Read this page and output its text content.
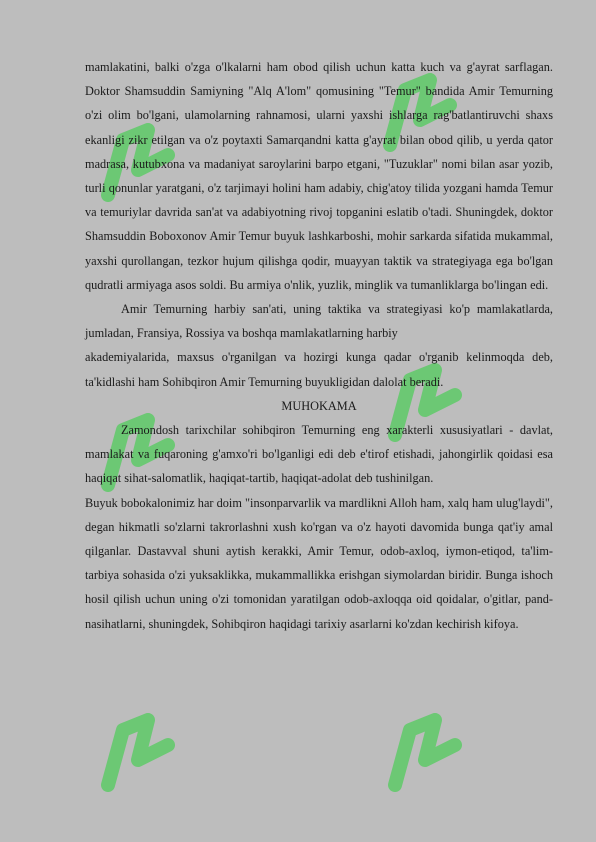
mamlakatini, balki o'zga o'lkalarni ham obod qilish uchun katta kuch va g'ayrat sarflagan. Doktor Shamsuddin Samiyning "Alq A'lom" qomusining "Temur" bandida Amir Temurning o'zi olim bo'lgani, ulamolarning rahnamosi, ularni yaxshi ishlarga rag'batlantiruvchi shaxs ekanligi zikr etilgan va o'z poytaxti Samarqandni katta g'ayrat bilan obod qilib, u yerda qator madrasa, kutubxona va madaniyat saroylarini barpo etgani, "Tuzuklar" nomi bilan asar yozib, turli qonunlar yaratgani, o'z tarjimayi holini ham adabiy, chig'atoy tilida yozgani hamda Temur va temuriylar davrida san'at va adabiyotning rivoj topganini eslatib o'tadi. Shuningdek, doktor Shamsuddin Boboxonov Amir Temur buyuk lashkarboshi, mohir sarkarda sifatida mukammal, yaxshi qurollangan, tezkor hujum qilishga qodir, muayyan taktik va strategiyaga ega bo'lgan qudratli armiyaga asos soldi. Bu armiya o'nlik, yuzlik, minglik va tumanliklarga bo'lingan edi.

Amir Temurning harbiy san'ati, uning taktika va strategiyasi ko'p mamlakatlarda, jumladan, Fransiya, Rossiya va boshqa mamlakatlarning harbiy

akademiyalarida, maxsus o'rganilgan va hozirgi kunga qadar o'rganib kelinmoqda deb, ta'kidlashi ham Sohibqiron Amir Temurning buyukligidan dalolat beradi.

MUHOKAMA

Zamondosh tarixchilar sohibqiron Temurning eng xarakterli xususiyatlari - davlat, mamlakat va fuqaroning g'amxo'ri bo'lganligi edi deb e'tirof etishadi, jahongirlik qoidasi esa haqiqat sihat-salomatlik, haqiqat-tartib, haqiqat-adolat deb tushinilgan.

Buyuk bobokalonimiz har doim "insonparvarlik va mardlikni Alloh ham, xalq ham ulug'laydi", degan hikmatli so'zlarni takrorlashni xush ko'rgan va o'z hayoti davomida bunga qat'iy amal qilganlar. Dastavval shuni aytish kerakki, Amir Temur, odob-axloq, iymon-etiqod, ta'lim-tarbiya sohasida o'zi yuksaklikka, mukammallikka erishgan siymolardan biridir. Bunga ishoch hosil qilish uchun uning o'zi tomonidan yaratilgan odob-axloqqa oid qoidalar, o'gitlar, pand-nasihatlarni, shuningdek, Sohibqiron haqidagi tarixiy asarlarni ko'zdan kechirish kifoya.
